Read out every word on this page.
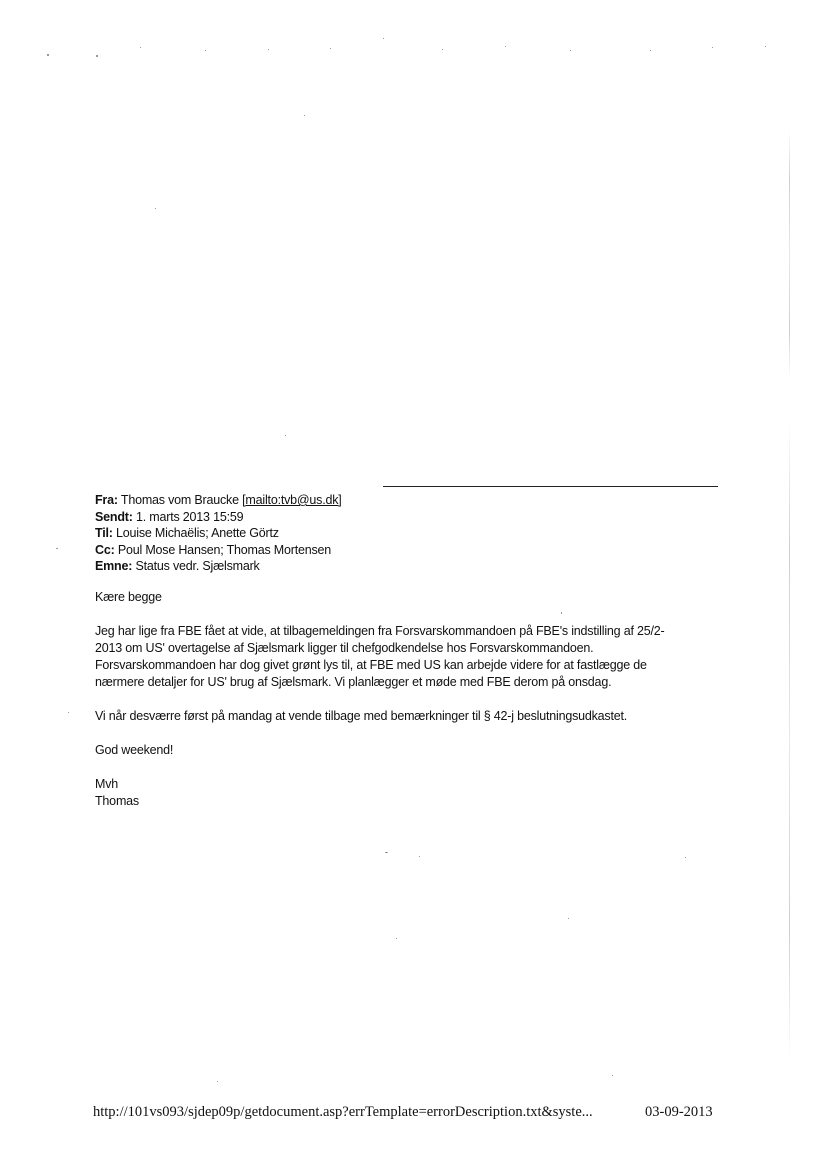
Fra: Thomas vom Braucke [mailto:tvb@us.dk]
Sendt: 1. marts 2013 15:59
Til: Louise Michaëlis; Anette Görtz
Cc: Poul Mose Hansen; Thomas Mortensen
Emne: Status vedr. Sjælsmark
Kære begge
Jeg har lige fra FBE fået at vide, at tilbagemeldingen fra Forsvarskommandoen på FBE's indstilling af 25/2-
2013 om US' overtagelse af Sjælsmark ligger til chefgodkendelse hos Forsvarskommandoen.
Forsvarskommandoen har dog givet grønt lys til, at FBE med US kan arbejde videre for at fastlægge de
nærmere detaljer for US' brug af Sjælsmark. Vi planlægger et møde med FBE derom på onsdag.
Vi når desværre først på mandag at vende tilbage med bemærkninger til § 42-j beslutningsudkastet.
God weekend!
Mvh
Thomas
http://101vs093/sjdep09p/getdocument.asp?errTemplate=errorDescription.txt&syste...	03-09-2013
